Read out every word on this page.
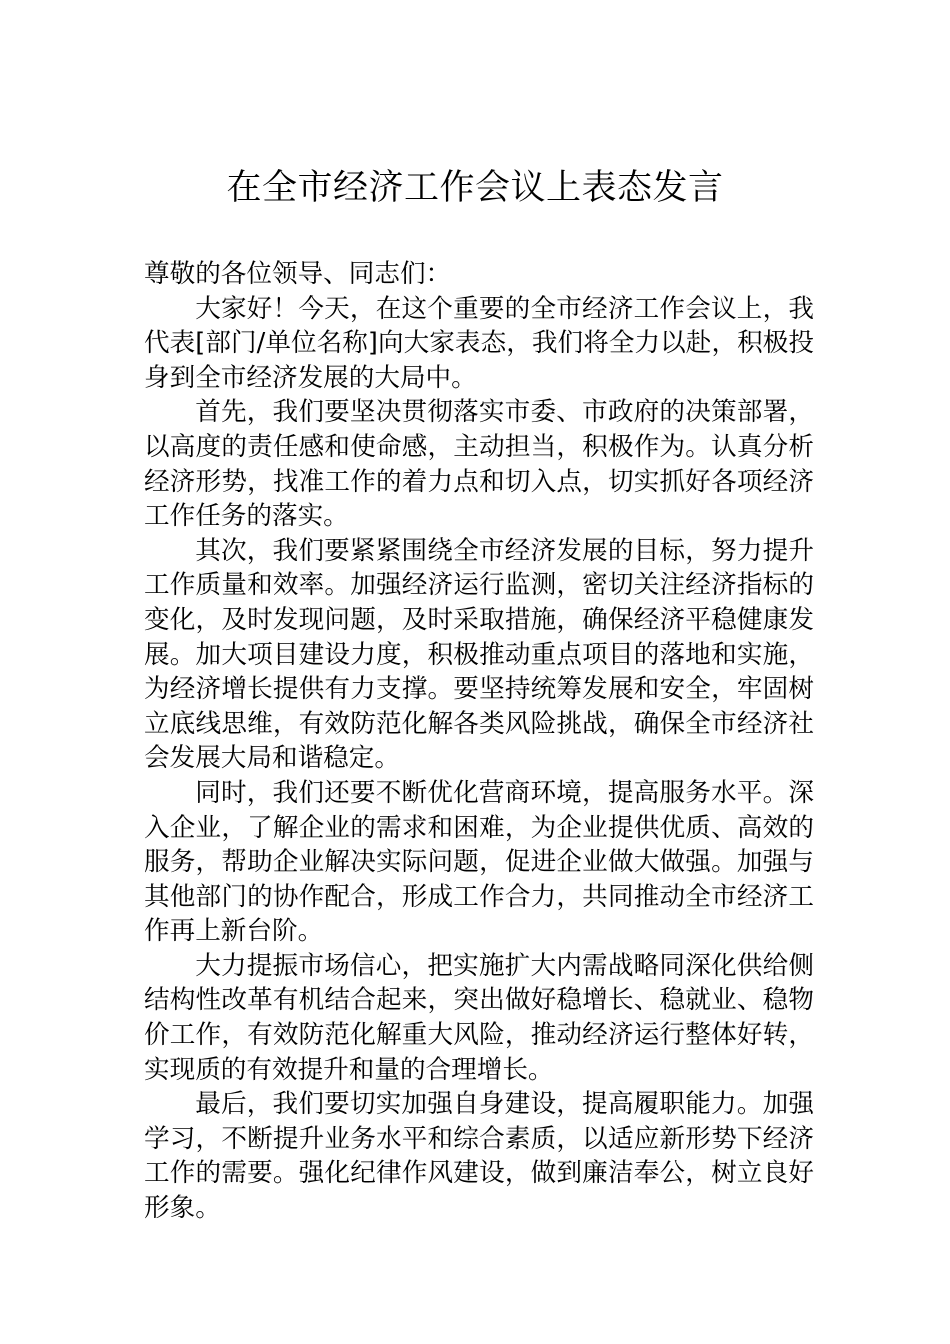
在全市经济工作会议上表态发言

尊敬的各位领导、同志们：

大家好！今天，在这个重要的全市经济工作会议上，我代表[部门/单位名称]向大家表态，我们将全力以赴，积极投身到全市经济发展的大局中。

首先，我们要坚决贯彻落实市委、市政府的决策部署，以高度的责任感和使命感，主动担当，积极作为。认真分析经济形势，找准工作的着力点和切入点，切实抓好各项经济工作任务的落实。

其次，我们要紧紧围绕全市经济发展的目标，努力提升工作质量和效率。加强经济运行监测，密切关注经济指标的变化，及时发现问题，及时采取措施，确保经济平稳健康发展。加大项目建设力度，积极推动重点项目的落地和实施，为经济增长提供有力支撑。要坚持统筹发展和安全，牢固树立底线思维，有效防范化解各类风险挑战，确保全市经济社会发展大局和谐稳定。

同时，我们还要不断优化营商环境，提高服务水平。深入企业，了解企业的需求和困难，为企业提供优质、高效的服务，帮助企业解决实际问题，促进企业做大做强。加强与其他部门的协作配合，形成工作合力，共同推动全市经济工作再上新台阶。

大力提振市场信心，把实施扩大内需战略同深化供给侧结构性改革有机结合起来，突出做好稳增长、稳就业、稳物价工作，有效防范化解重大风险，推动经济运行整体好转，实现质的有效提升和量的合理增长。

最后，我们要切实加强自身建设，提高履职能力。加强学习，不断提升业务水平和综合素质，以适应新形势下经济工作的需要。强化纪律作风建设，做到廉洁奉公，树立良好形象。
